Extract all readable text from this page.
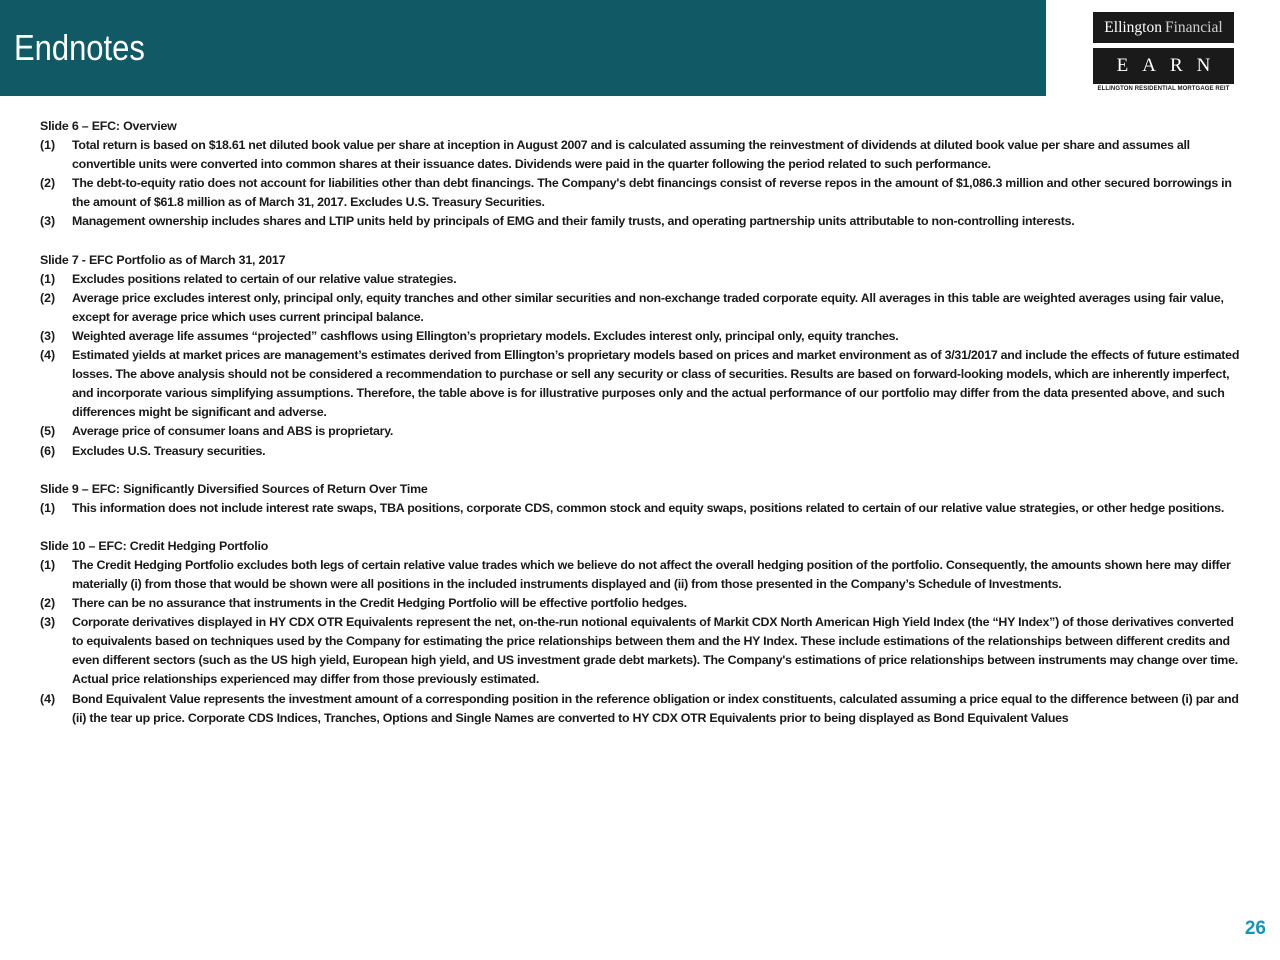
Endnotes	Ellington Financial
EARN
ELLINGTON RESIDENTIAL MORTGAGE REIT
Slide 6 – EFC: Overview
(1)	Total return is based on $18.61 net diluted book value per share at inception in August 2007 and is calculated assuming the reinvestment of dividends at diluted book value per share and assumes all convertible units were converted into common shares at their issuance dates. Dividends were paid in the quarter following the period related to such performance.
(2)	The debt-to-equity ratio does not account for liabilities other than debt financings. The Company's debt financings consist of reverse repos in the amount of $1,086.3 million and other secured borrowings in the amount of $61.8 million as of March 31, 2017. Excludes U.S. Treasury Securities.
(3)	Management ownership includes shares and LTIP units held by principals of EMG and their family trusts, and operating partnership units attributable to non-controlling interests.
Slide 7 - EFC Portfolio as of March 31, 2017
(1)	Excludes positions related to certain of our relative value strategies.
(2)	Average price excludes interest only, principal only, equity tranches and other similar securities and non-exchange traded corporate equity. All averages in this table are weighted averages using fair value, except for average price which uses current principal balance.
(3)	Weighted average life assumes “projected” cashflows using Ellington’s proprietary models. Excludes interest only, principal only, equity tranches.
(4)	Estimated yields at market prices are management’s estimates derived from Ellington’s proprietary models based on prices and market environment as of 3/31/2017 and include the effects of future estimated losses. The above analysis should not be considered a recommendation to purchase or sell any security or class of securities. Results are based on forward-looking models, which are inherently imperfect, and incorporate various simplifying assumptions. Therefore, the table above is for illustrative purposes only and the actual performance of our portfolio may differ from the data presented above, and such differences might be significant and adverse.
(5)	Average price of consumer loans and ABS is proprietary.
(6)	Excludes U.S. Treasury securities.
Slide 9 – EFC: Significantly Diversified Sources of Return Over Time
(1)	This information does not include interest rate swaps, TBA positions, corporate CDS, common stock and equity swaps, positions related to certain of our relative value strategies, or other hedge positions.
Slide 10 – EFC: Credit Hedging Portfolio
(1)	The Credit Hedging Portfolio excludes both legs of certain relative value trades which we believe do not affect the overall hedging position of the portfolio. Consequently, the amounts shown here may differ materially (i) from those that would be shown were all positions in the included instruments displayed and (ii) from those presented in the Company’s Schedule of Investments.
(2)	There can be no assurance that instruments in the Credit Hedging Portfolio will be effective portfolio hedges.
(3)	Corporate derivatives displayed in HY CDX OTR Equivalents represent the net, on-the-run notional equivalents of Markit CDX North American High Yield Index (the “HY Index”) of those derivatives converted to equivalents based on techniques used by the Company for estimating the price relationships between them and the HY Index. These include estimations of the relationships between different credits and even different sectors (such as the US high yield, European high yield, and US investment grade debt markets). The Company's estimations of price relationships between instruments may change over time. Actual price relationships experienced may differ from those previously estimated.
(4)	Bond Equivalent Value represents the investment amount of a corresponding position in the reference obligation or index constituents, calculated assuming a price equal to the difference between (i) par and (ii) the tear up price. Corporate CDS Indices, Tranches, Options and Single Names are converted to HY CDX OTR Equivalents prior to being displayed as Bond Equivalent Values
26
